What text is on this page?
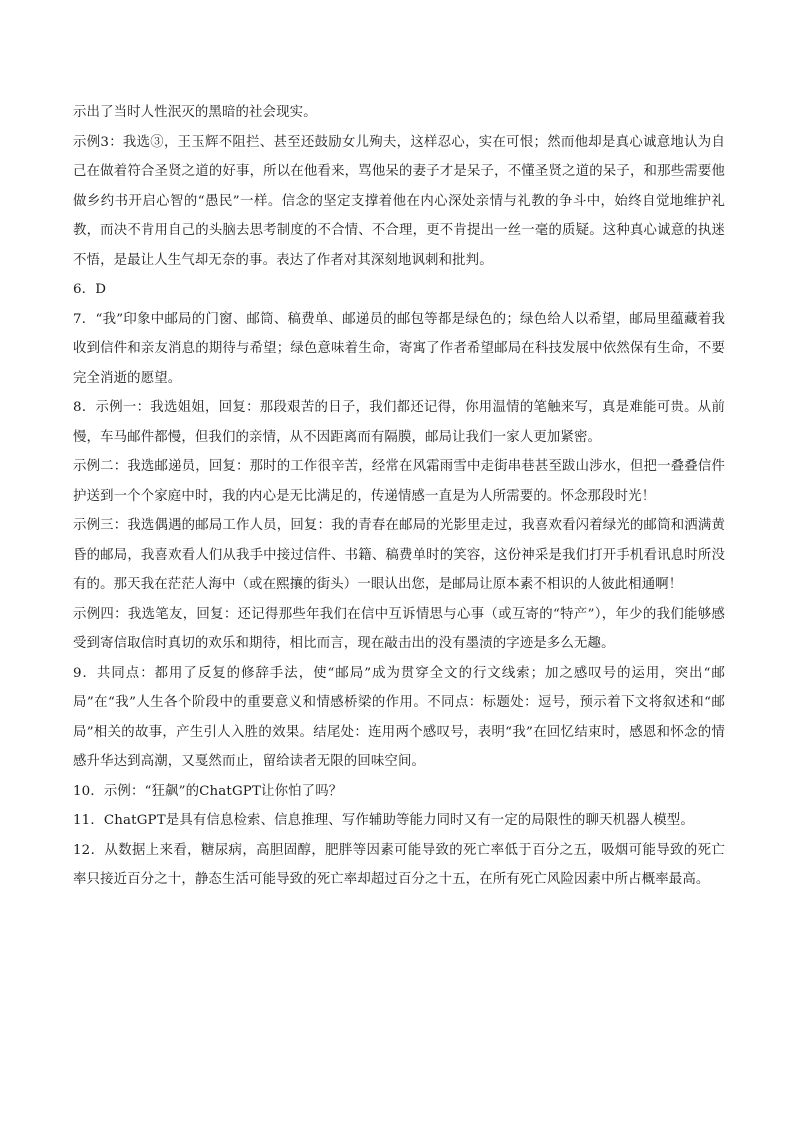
示出了当时人性泯灭的黑暗的社会现实。

示例3：我选③，王玉辉不阻拦、甚至还鼓励女儿殉夫，这样忍心，实在可恨；然而他却是真心诚意地认为自己在做着符合圣贤之道的好事，所以在他看来，骂他呆的妻子才是呆子，不懂圣贤之道的呆子，和那些需要他做乡约书开启心智的“愚民”一样。信念的坚定支撑着他在内心深处亲情与礼教的争斗中，始终自觉地维护礼教，而决不肯用自己的头脑去思考制度的不合情、不合理，更不肯提出一丝一毫的质疑。这种真心诚意的执迷不悟，是最让人生气却无奈的事。表达了作者对其深刻地讽刺和批判。

6．D

7．“我”印象中邮局的门窗、邮筒、稿费单、邮递员的邮包等都是绿色的；绿色给人以希望，邮局里蕴藏着我收到信件和亲友消息的期待与希望；绿色意味着生命，寄寓了作者希望邮局在科技发展中依然保有生命，不要完全消逝的愿望。

8．示例一：我选姐姐，回复：那段艰苦的日子，我们都还记得，你用温情的笔触来写，真是难能可贵。从前慢，车马邮件都慢，但我们的亲情，从不因距离而有隔膜，邮局让我们一家人更加紧密。

示例二：我选邮递员，回复：那时的工作很辛苦，经常在风霜雨雪中走街串巷甚至跋山涉水，但把一叠叠信件护送到一个个家庭中时，我的内心是无比满足的，传递情感一直是为人所需要的。怀念那段时光！

示例三：我选偶遇的邮局工作人员，回复：我的青春在邮局的光影里走过，我喜欢看闪着绿光的邮筒和洒满黄昏的邮局，我喜欢看人们从我手中接过信件、书籍、稿费单时的笑容，这份神采是我们打开手机看讯息时所没有的。那天我在茫茫人海中（或在熙攘的街头）一眼认出您，是邮局让原本素不相识的人彼此相通啊！

示例四：我选笔友，回复：还记得那些年我们在信中互诉情思与心事（或互寄的“特产”），年少的我们能够感受到寄信取信时真切的欢乐和期待，相比而言，现在敲击出的没有墨渍的字迹是多么无趣。

9．共同点：都用了反复的修辞手法，使“邮局”成为贯穿全文的行文线索；加之感叹号的运用，突出“邮局”在“我”人生各个阶段中的重要意义和情感桥梁的作用。不同点：标题处：逗号，预示着下文将叙述和“邮局”相关的故事，产生引人入胜的效果。结尾处：连用两个感叹号，表明“我”在回忆结束时，感恩和怀念的情感升华达到高潮，又戛然而止，留给读者无限的回味空间。

10．示例：“狂飙”的ChatGPT让你怕了吗？

11．ChatGPT是具有信息检索、信息推理、写作辅助等能力同时又有一定的局限性的聊天机器人模型。

12．从数据上来看，糖尿病，高胆固醇，肥胖等因素可能导致的死亡率低于百分之五，吸烟可能导致的死亡率只接近百分之十，静态生活可能导致的死亡率却超过百分之十五，在所有死亡风险因素中所占概率最高。
